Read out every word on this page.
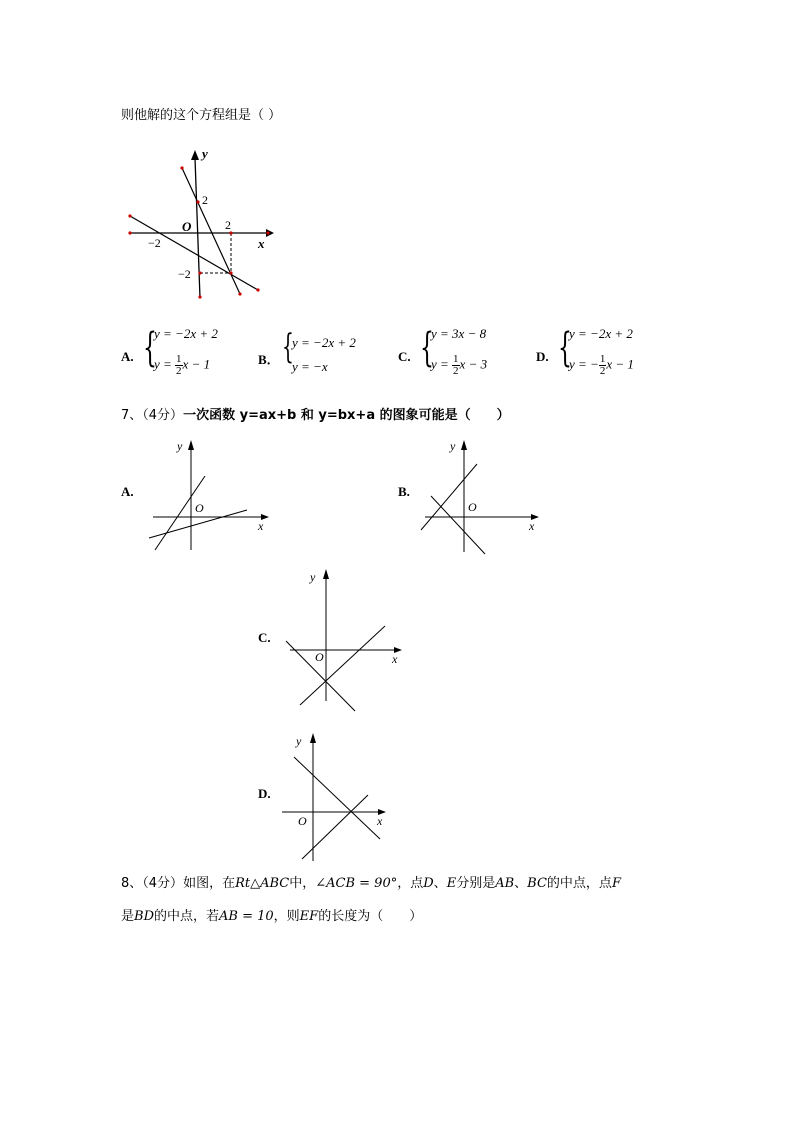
则他解的这个方程组是（ ）
y
x
O
2
2
−2
−2
A. {
y = −2x + 2
$y = \frac{1}{2}$ x − 1	B． {
y = −2x + 2
y = −x
C. {
y = 3x − 8
$y = \frac{1}{2}$ x − 3	D. {
y = −2x + 2
y = − $\frac{1}{2}$ x − 1
7、（4分）一次函数 y=ax+b 和 y=bx+a 的图象可能是（　　）
A.
y
x
O
B.
y
x
O
C.
y
x
O
D.
y
x
O
8、（4分）如图，在Rt△ABC中，∠ACB = 90°，点D、E分别是AB、BC的中点，点F
是BD的中点，若AB = 10，则EF的长度为（　　）
